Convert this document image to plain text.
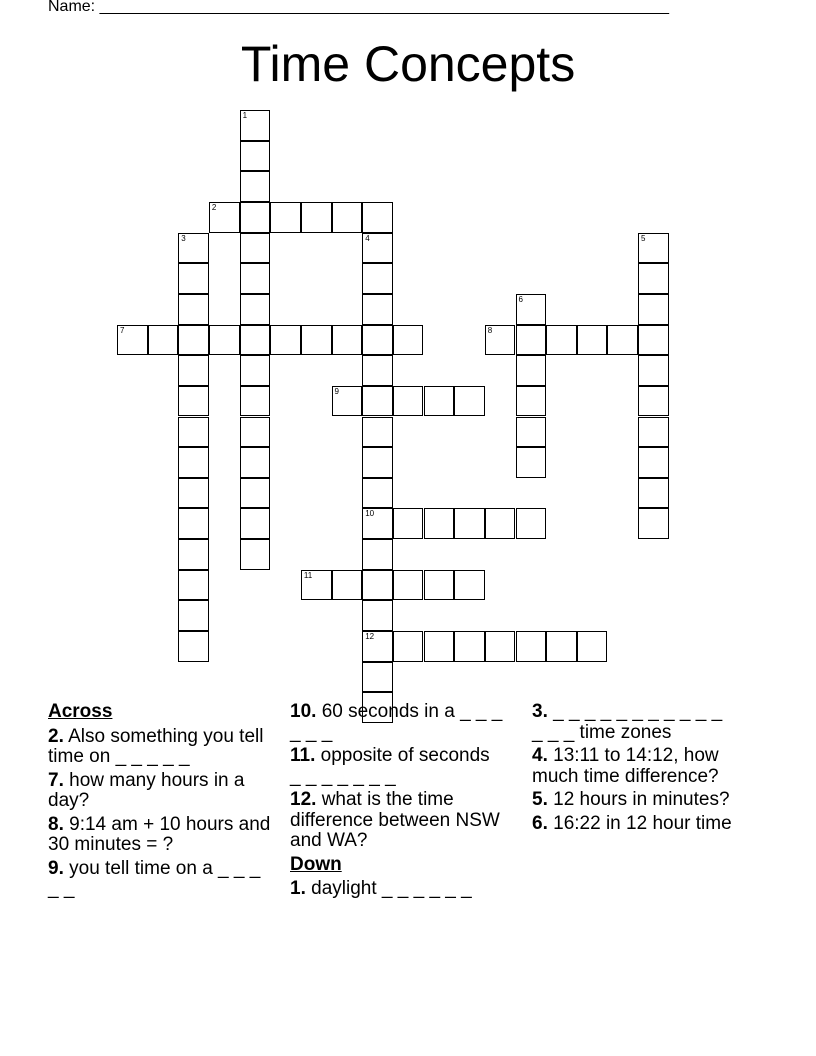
Name: ________________________________________________________________
Time Concepts
1
2
3	4
10
12
5
6
7	8
9
11
Across
2. Also something you tell time on _ _ _ _ _
7. how many hours in a day?
8. 9:14 am + 10 hours and 30 minutes = ?
9. you tell time on a _ _ _ _ _
10. 60 seconds in a _ _ _ _ _ _
11. opposite of seconds _ _ _ _ _ _ _
12. what is the time difference between NSW and WA?
Down
1. daylight _ _ _ _ _ _
3. _ _ _ _ _ _ _ _ _ _ _ _ _ _ time zones
4. 13:11 to 14:12, how much time difference?
5. 12 hours in minutes?
6. 16:22 in 12 hour time
